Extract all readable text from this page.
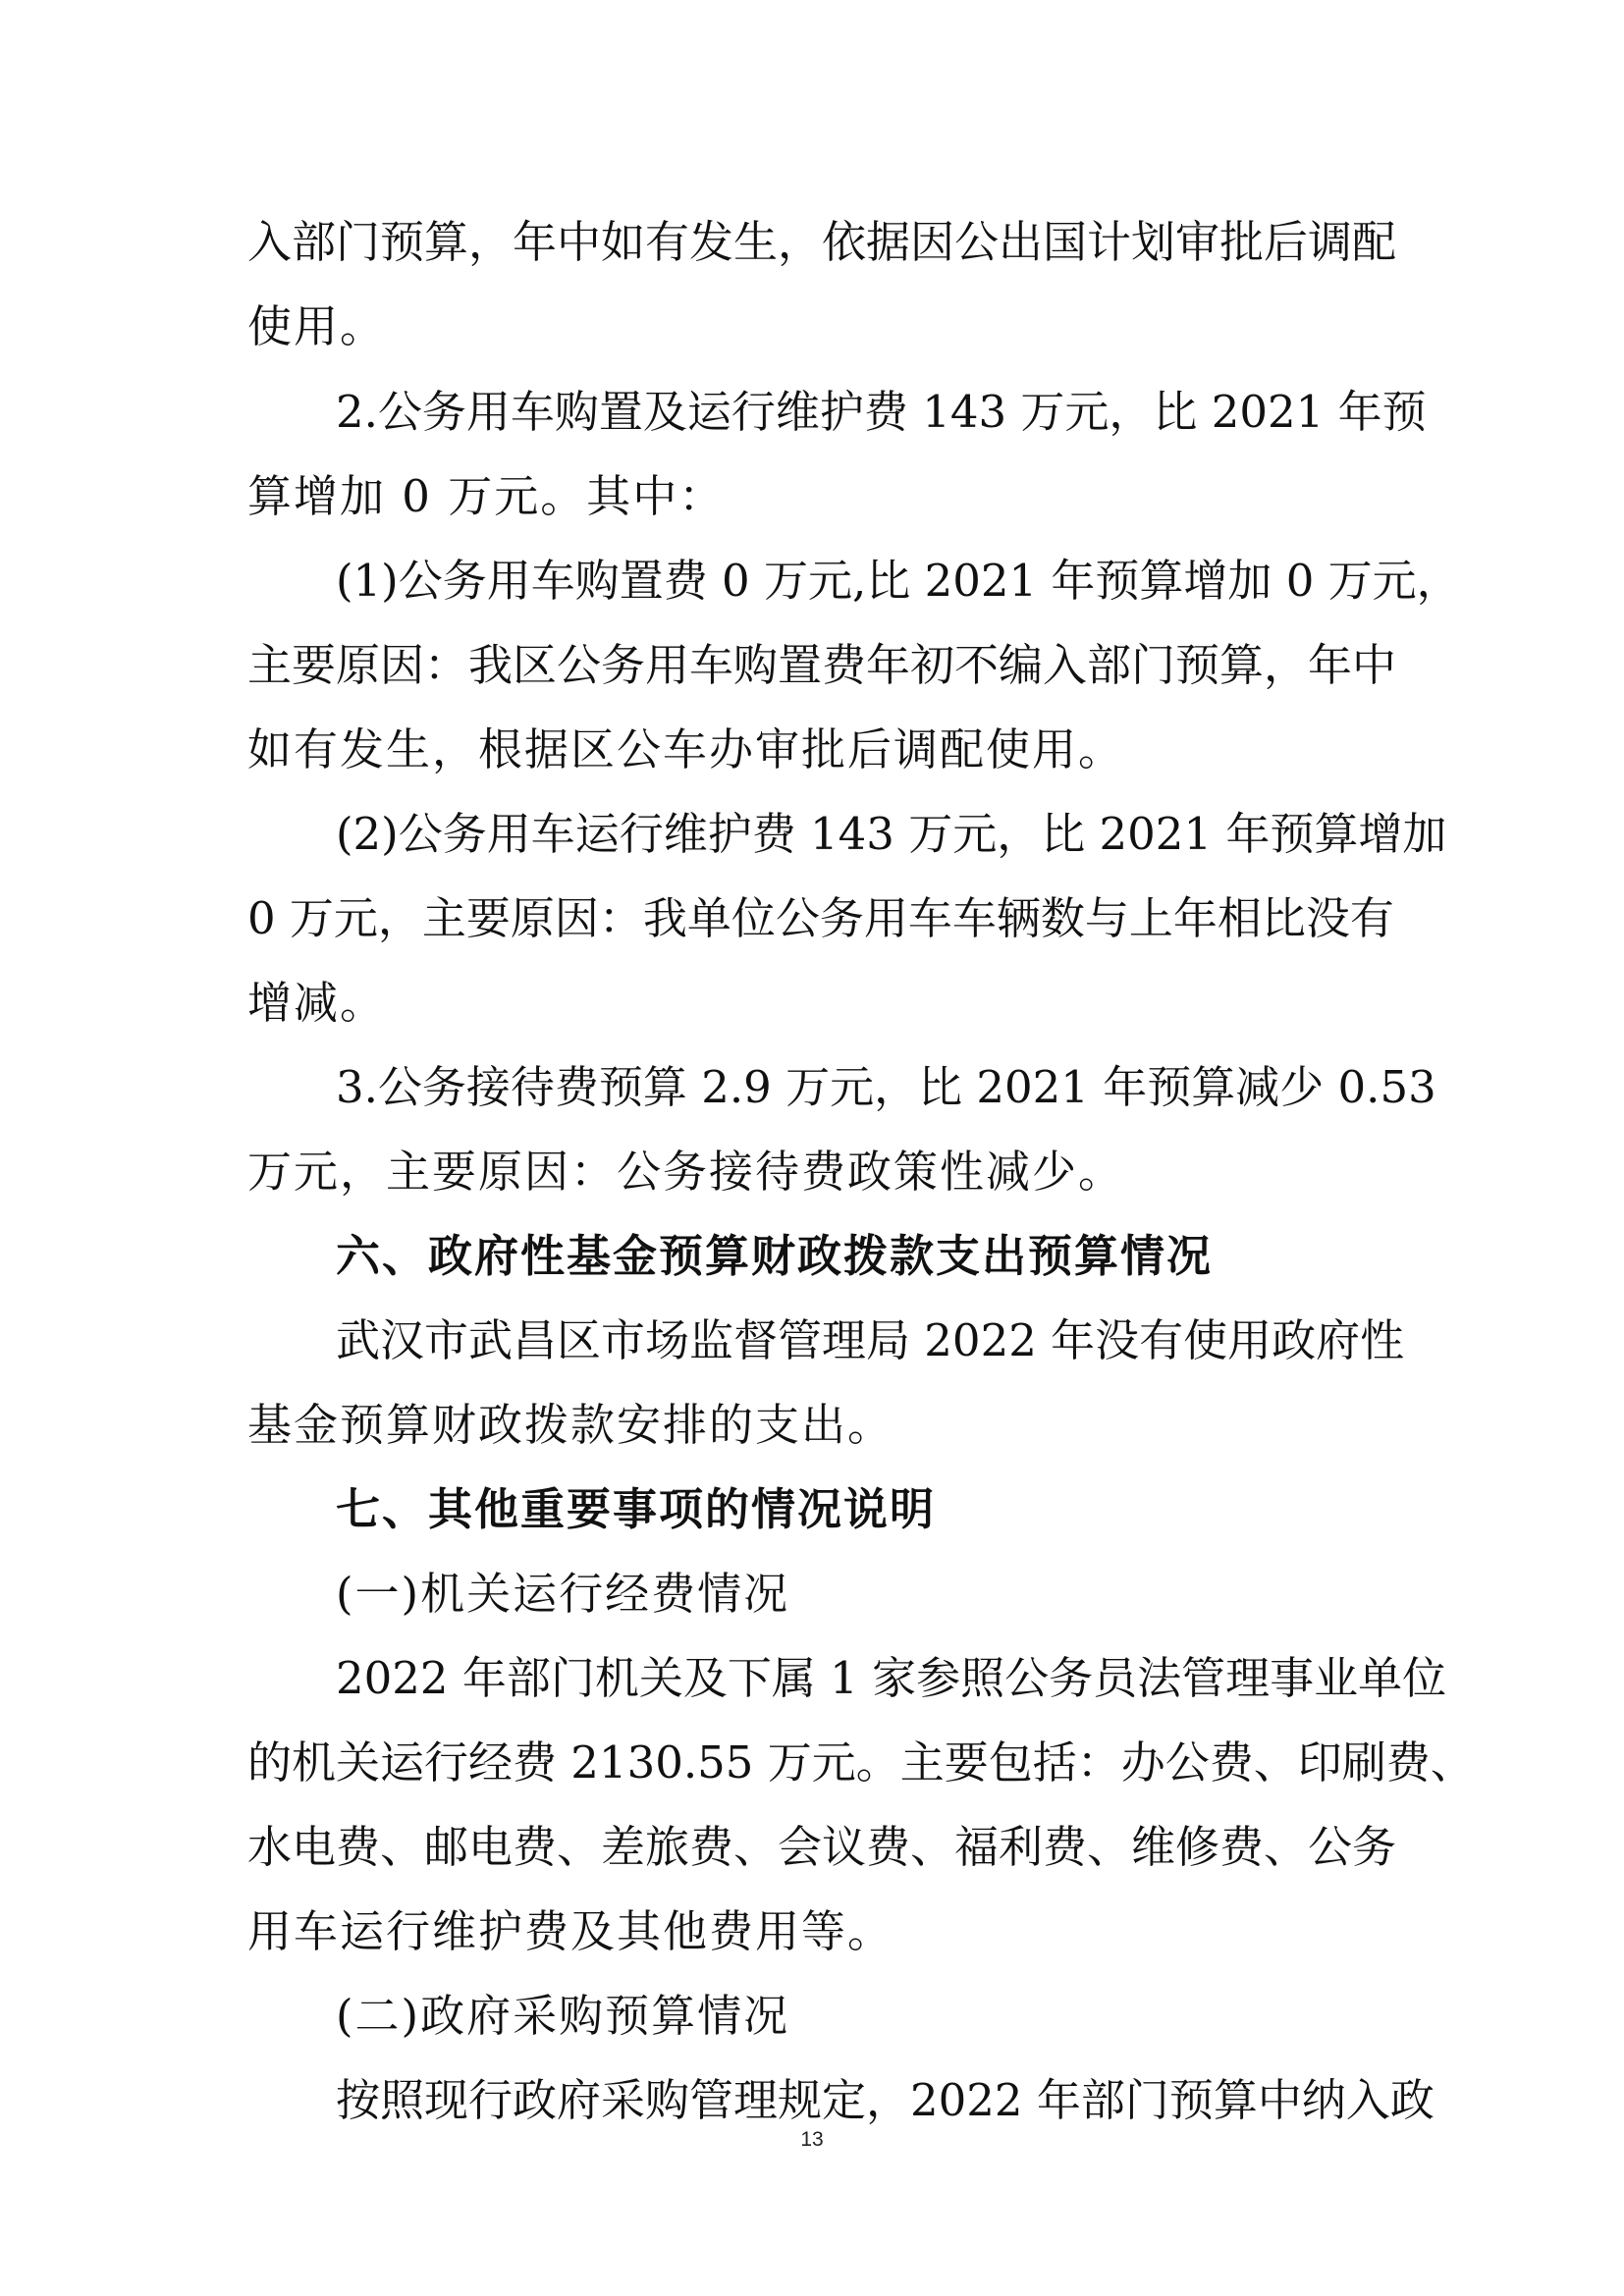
入部门预算，年中如有发生，依据因公出国计划审批后调配
使用。
2.公务用车购置及运行维护费 143 万元，比 2021 年预
算增加 0 万元。其中：
(1)公务用车购置费 0 万元,比 2021 年预算增加 0 万元，
主要原因：我区公务用车购置费年初不编入部门预算，年中
如有发生，根据区公车办审批后调配使用。
(2)公务用车运行维护费 143 万元，比 2021 年预算增加
0 万元，主要原因：我单位公务用车车辆数与上年相比没有
增减。
3.公务接待费预算 2.9 万元，比 2021 年预算减少 0.53
万元，主要原因：公务接待费政策性减少。
六、政府性基金预算财政拨款支出预算情况
武汉市武昌区市场监督管理局 2022 年没有使用政府性
基金预算财政拨款安排的支出。
七、其他重要事项的情况说明
(一)机关运行经费情况
2022 年部门机关及下属 1 家参照公务员法管理事业单位
的机关运行经费 2130.55 万元。主要包括：办公费、印刷费、
水电费、邮电费、差旅费、会议费、福利费、维修费、公务
用车运行维护费及其他费用等。
(二)政府采购预算情况
按照现行政府采购管理规定，2022 年部门预算中纳入政
13
